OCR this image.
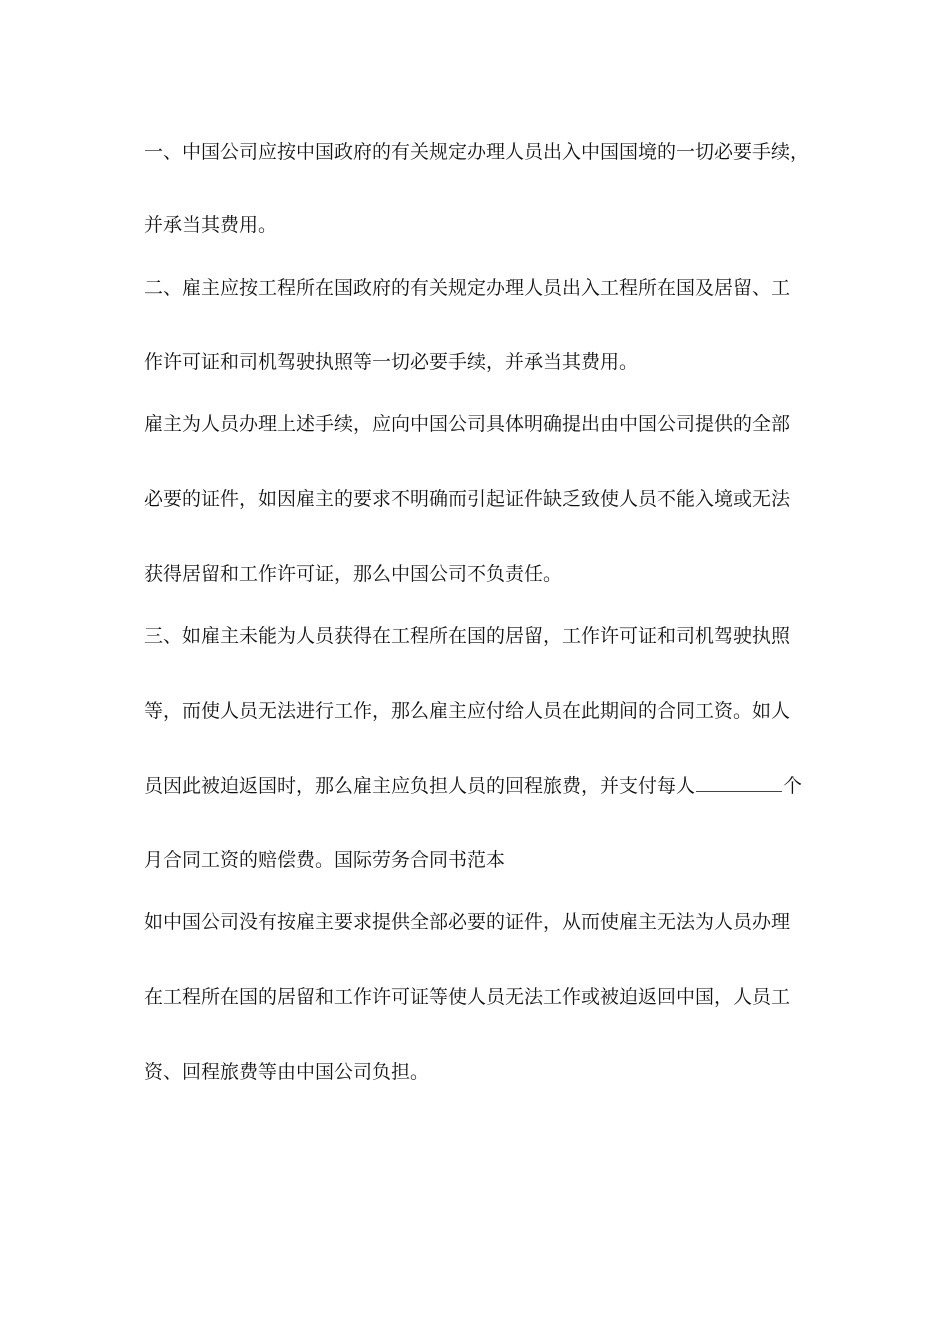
一、中国公司应按中国政府的有关规定办理人员出入中国国境的一切必要手续，
并承当其费用。
二、雇主应按工程所在国政府的有关规定办理人员出入工程所在国及居留、工
作许可证和司机驾驶执照等一切必要手续，并承当其费用。
雇主为人员办理上述手续，应向中国公司具体明确提出由中国公司提供的全部
必要的证件，如因雇主的要求不明确而引起证件缺乏致使人员不能入境或无法
获得居留和工作许可证，那么中国公司不负责任。
三、如雇主未能为人员获得在工程所在国的居留，工作许可证和司机驾驶执照
等，而使人员无法进行工作，那么雇主应付给人员在此期间的合同工资。如人
员因此被迫返国时，那么雇主应负担人员的回程旅费，并支付每人	个
月合同工资的赔偿费。国际劳务合同书范本
如中国公司没有按雇主要求提供全部必要的证件，从而使雇主无法为人员办理
在工程所在国的居留和工作许可证等使人员无法工作或被迫返回中国，人员工
资、回程旅费等由中国公司负担。
